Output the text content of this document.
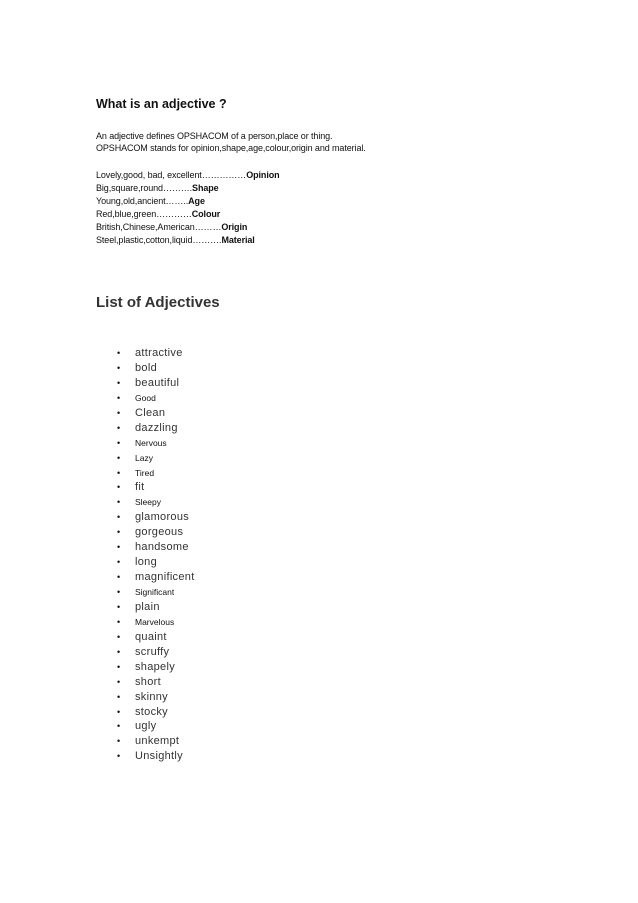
What is an adjective ?
An adjective defines OPSHACOM of a person,place or thing.
OPSHACOM stands for opinion,shape,age,colour,origin and material.
Lovely,good, bad, excellent……………Opinion
Big,square,round……….Shape
Young,old,ancient……..Age
Red,blue,green…………Colour
British,Chinese,American………Origin
Steel,plastic,cotton,liquid……….Material
List of Adjectives
• attractive
• bold
• beautiful
• Good
• Clean
• dazzling
• Nervous
• Lazy
• Tired
• fit
• Sleepy
• glamorous
• gorgeous
• handsome
• long
• magnificent
• Significant
• plain
• Marvelous
• quaint
• scruffy
• shapely
• short
• skinny
• stocky
• ugly
• unkempt
• Unsightly
